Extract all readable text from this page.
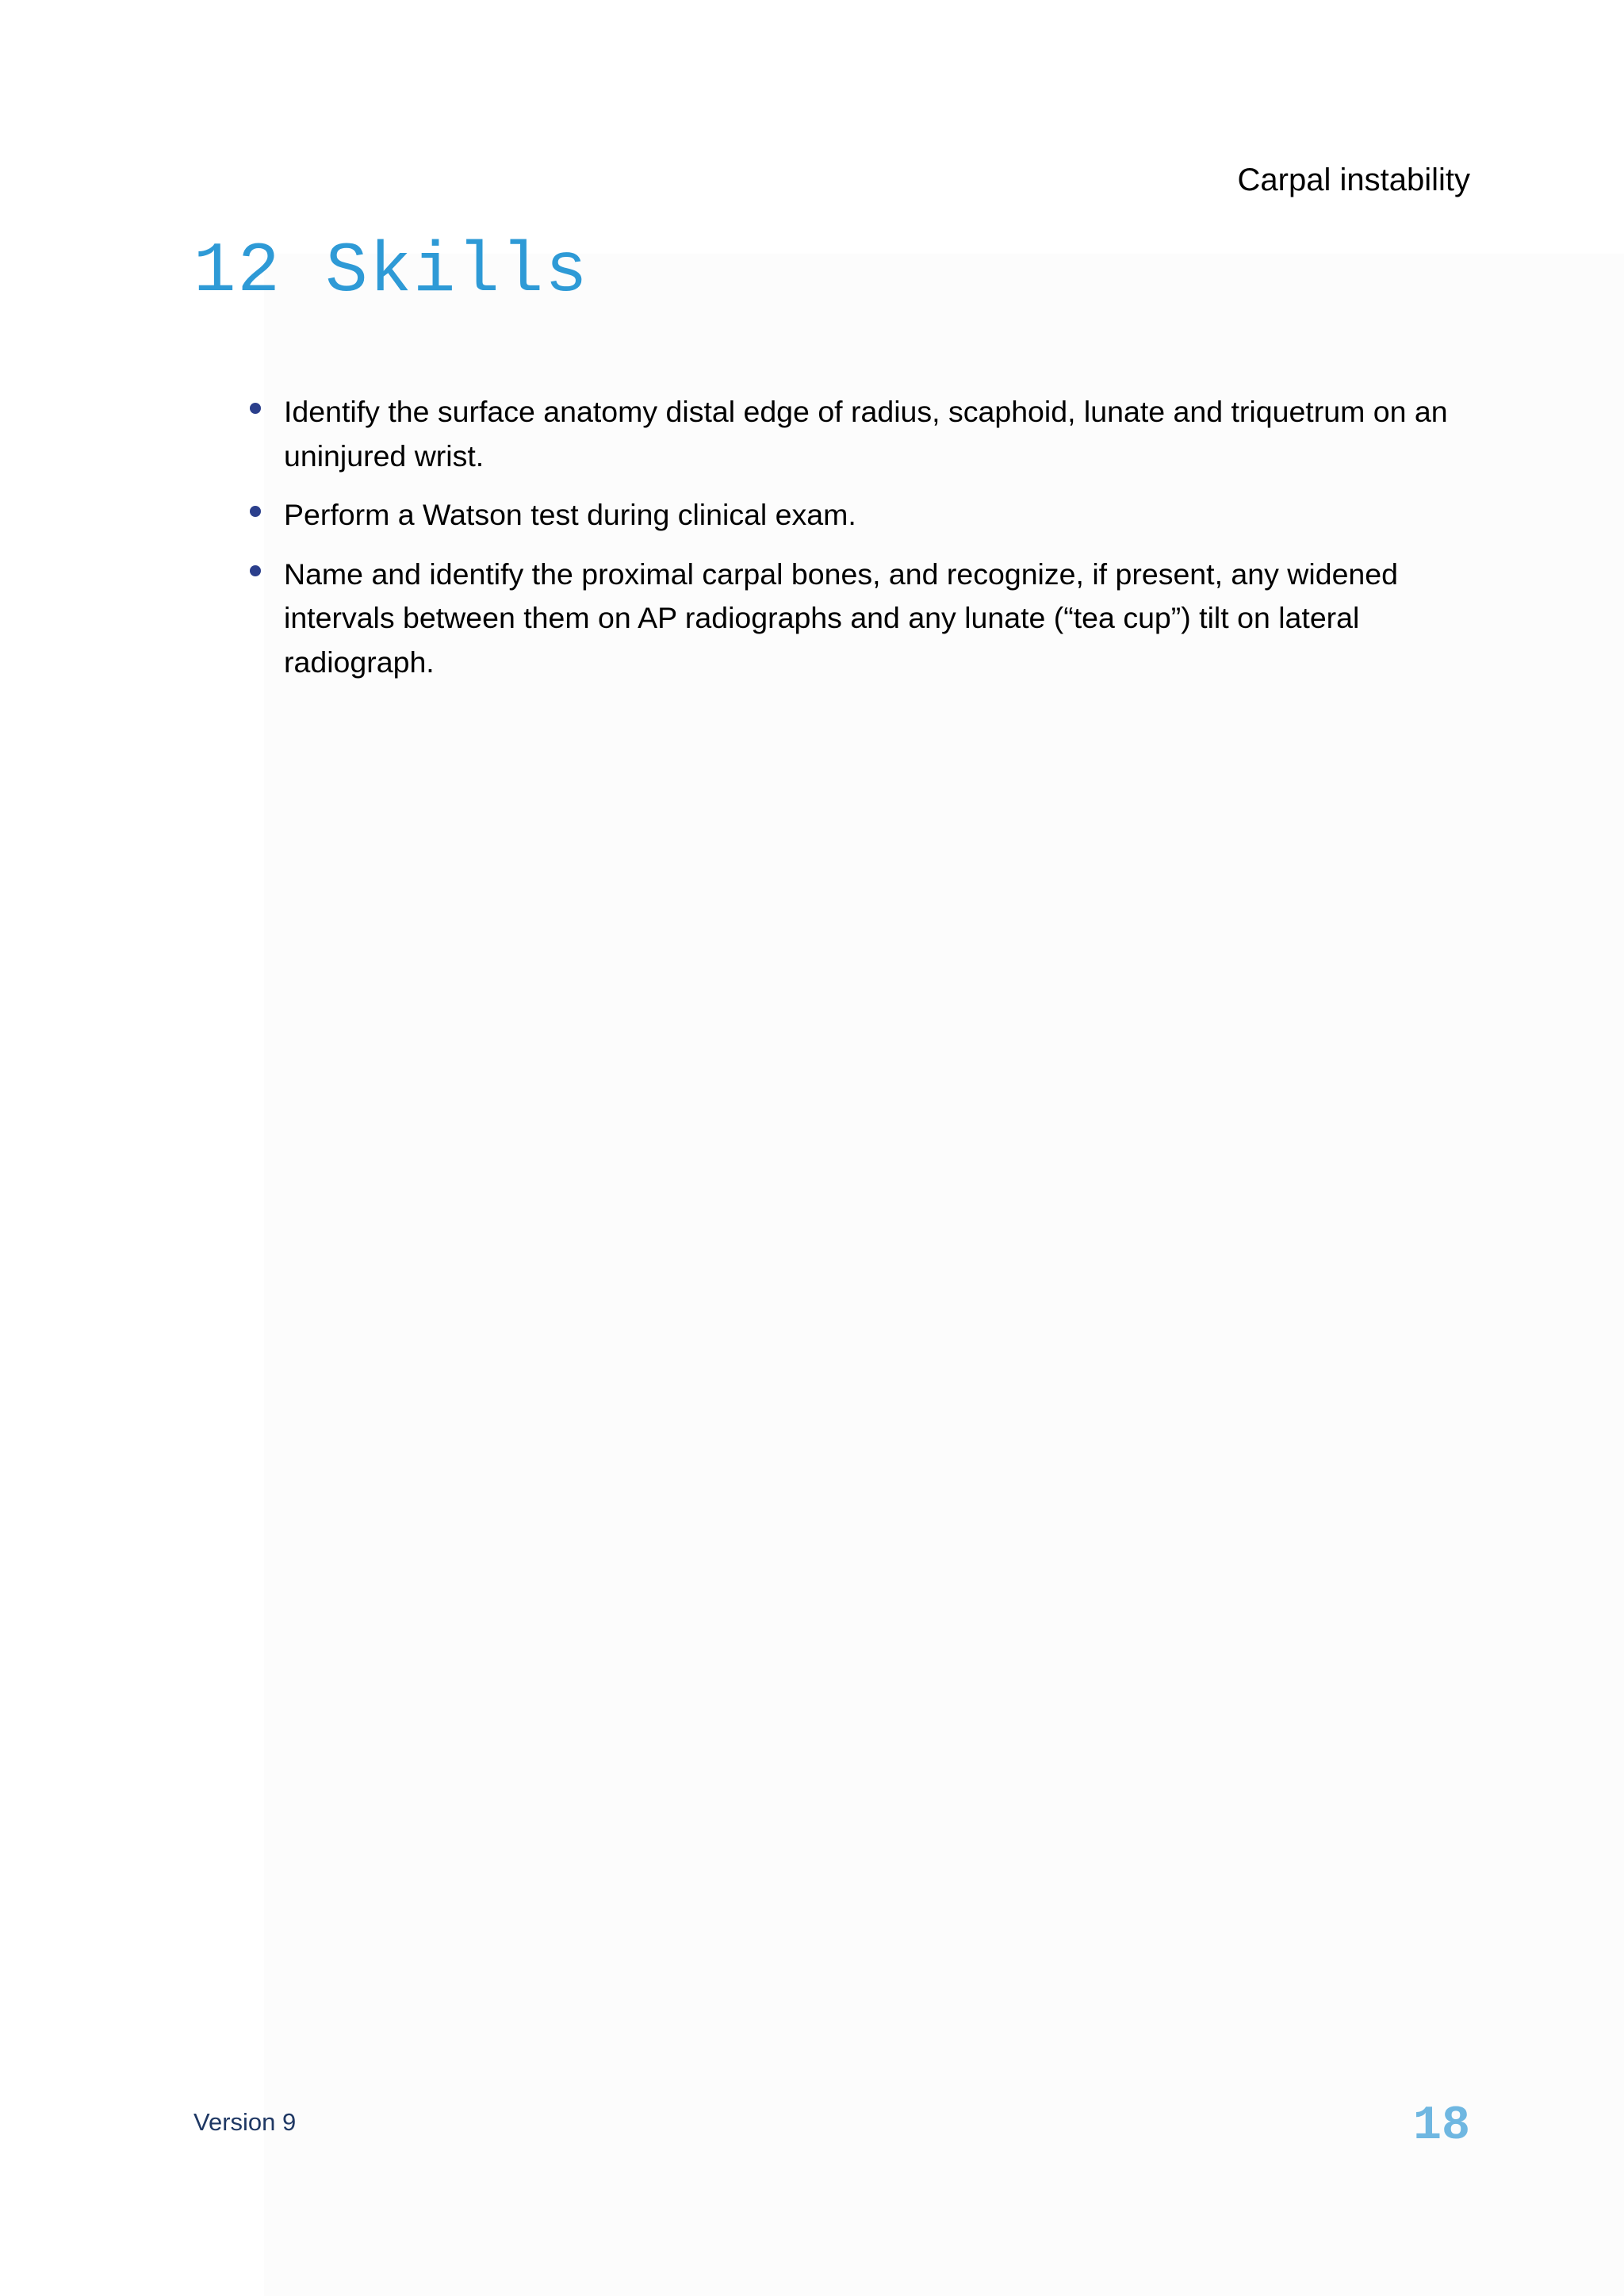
Carpal instability
12 Skills
Identify the surface anatomy distal edge of radius, scaphoid, lunate and triquetrum on an uninjured wrist.
Perform a Watson test during clinical exam.
Name and identify the proximal carpal bones, and recognize, if present, any widened intervals between them on AP radiographs and any lunate (“tea cup”) tilt on lateral radiograph.
Version 9	18
